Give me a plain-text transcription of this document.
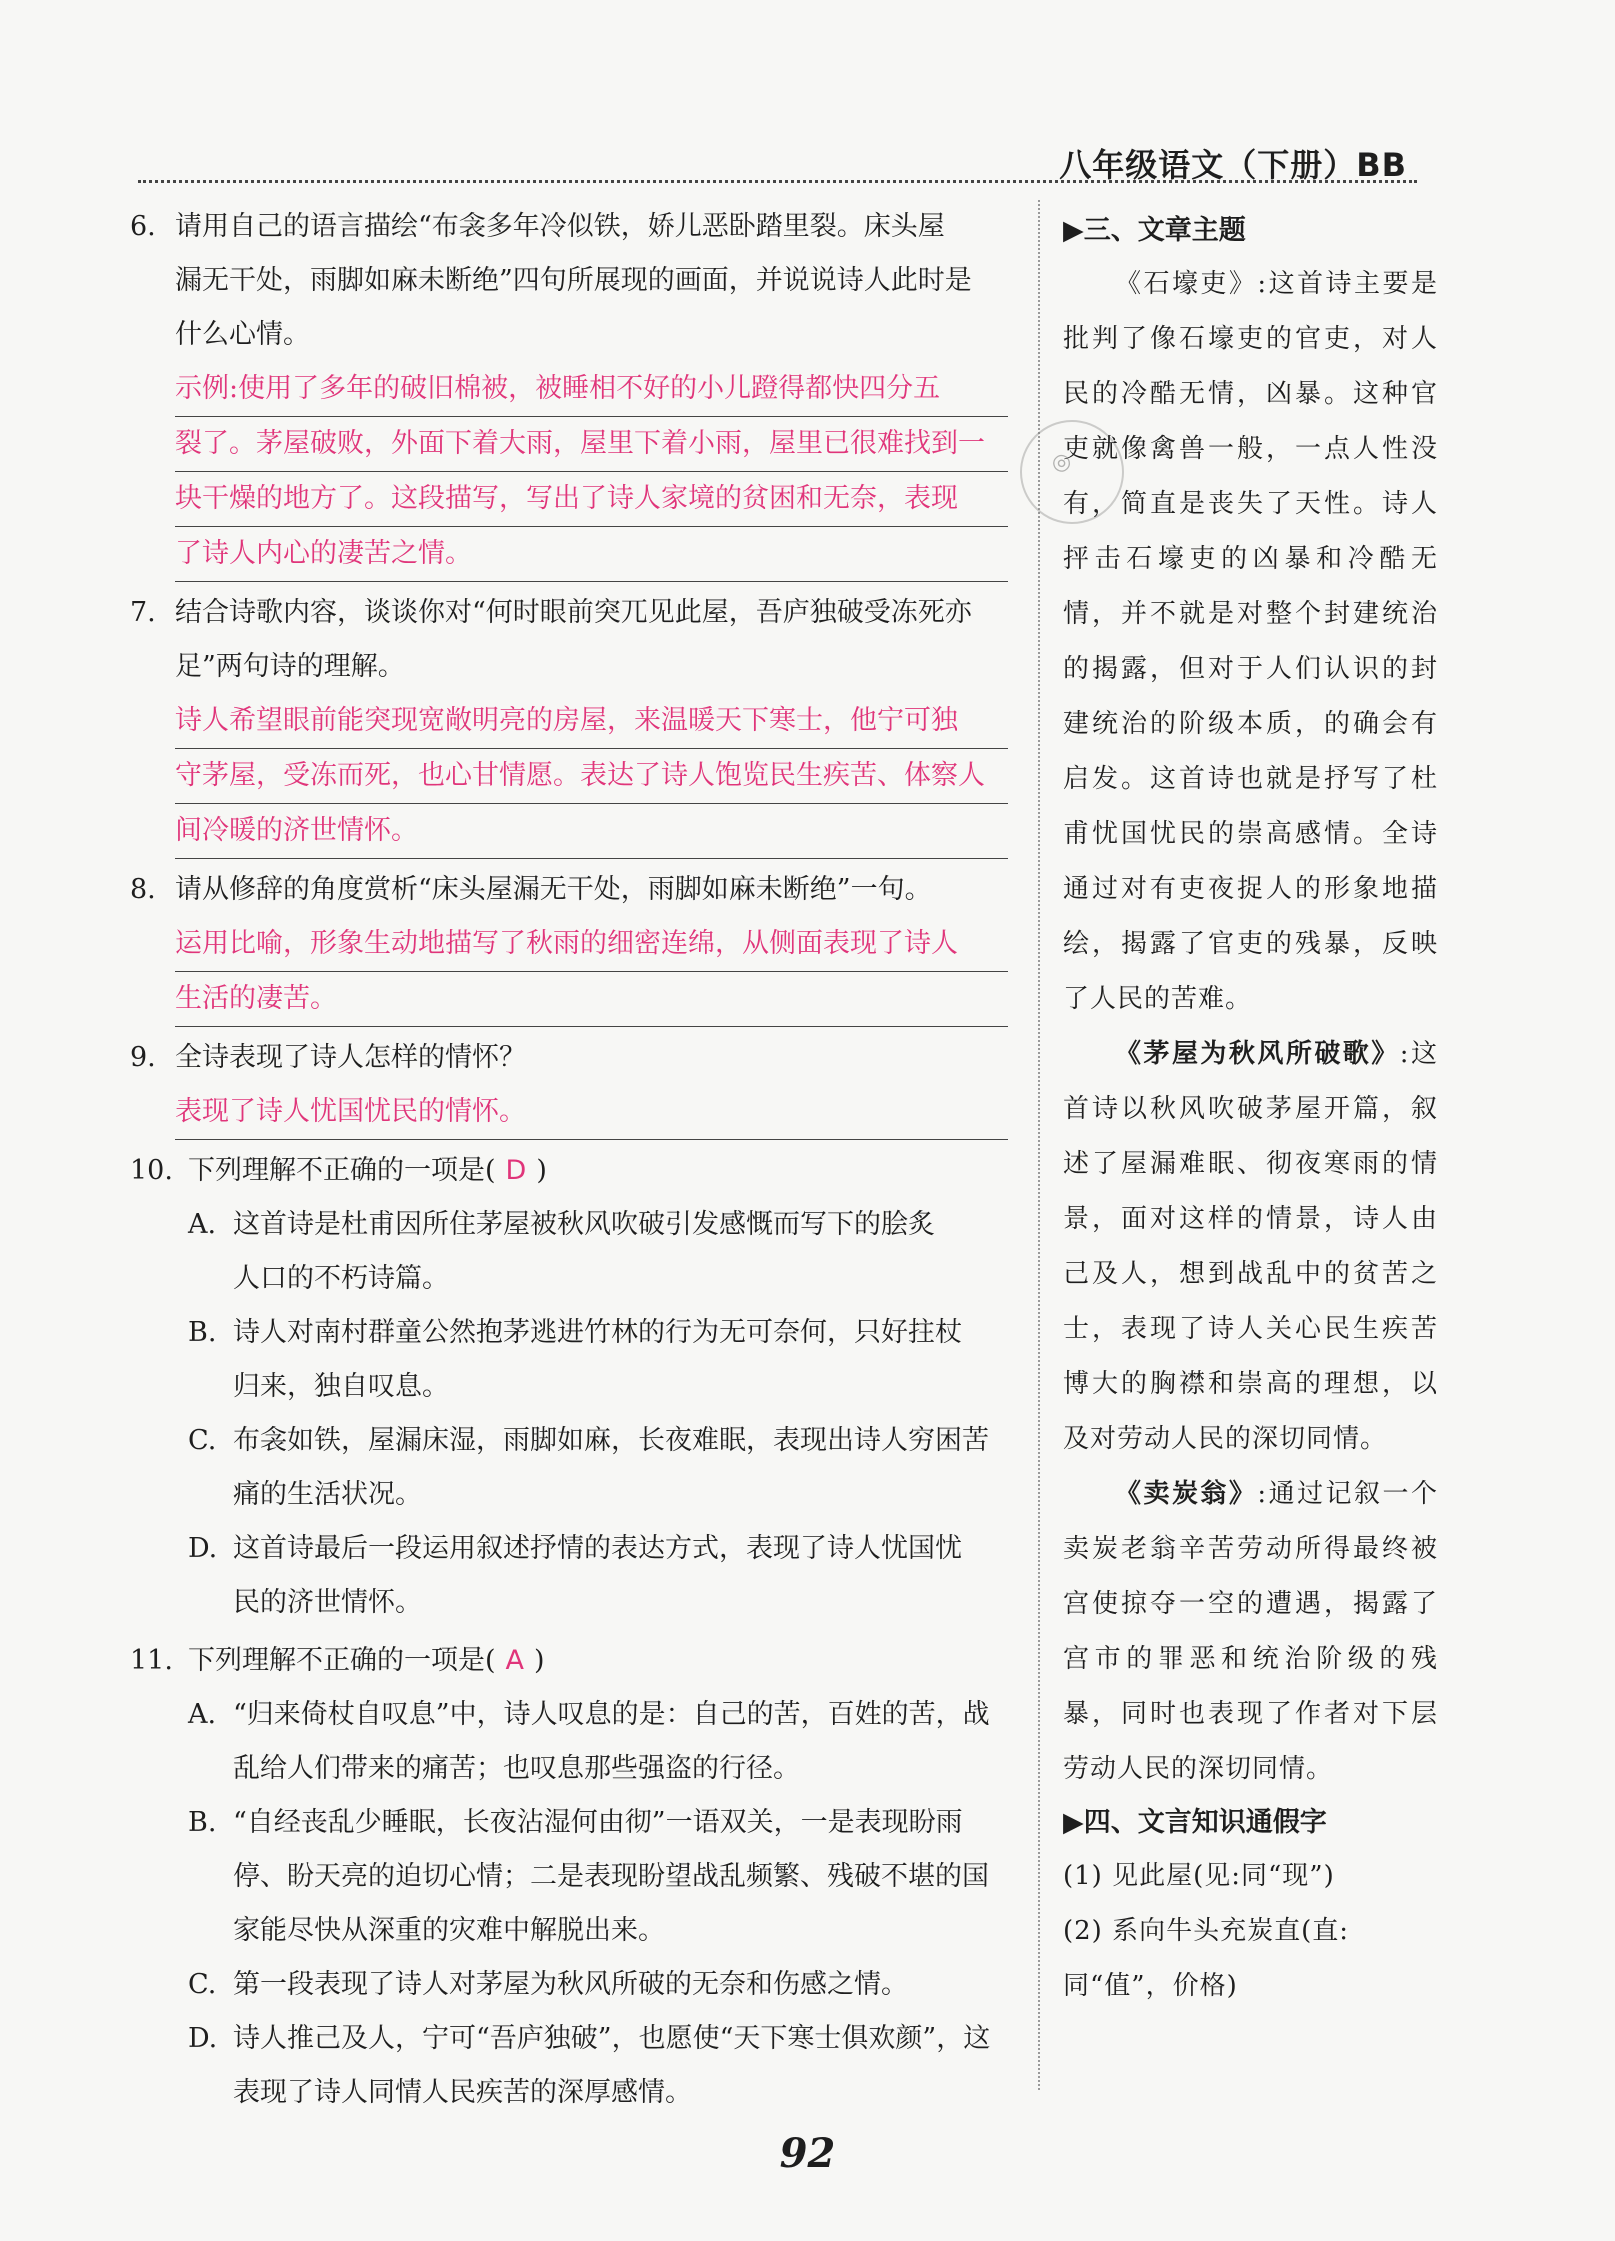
八年级语文（下册）BB
◎
6. 请用自己的语言描绘“布衾多年冷似铁，娇儿恶卧踏里裂。床头屋
漏无干处，雨脚如麻未断绝”四句所展现的画面，并说说诗人此时是
什么心情。
示例:使用了多年的破旧棉被，被睡相不好的小儿蹬得都快四分五
裂了。茅屋破败，外面下着大雨，屋里下着小雨，屋里已很难找到一
块干燥的地方了。这段描写，写出了诗人家境的贫困和无奈，表现
了诗人内心的凄苦之情。
7. 结合诗歌内容，谈谈你对“何时眼前突兀见此屋，吾庐独破受冻死亦
足”两句诗的理解。
诗人希望眼前能突现宽敞明亮的房屋，来温暖天下寒士，他宁可独
守茅屋，受冻而死，也心甘情愿。表达了诗人饱览民生疾苦、体察人
间冷暖的济世情怀。
8. 请从修辞的角度赏析“床头屋漏无干处，雨脚如麻未断绝”一句。
运用比喻，形象生动地描写了秋雨的细密连绵，从侧面表现了诗人
生活的凄苦。
9. 全诗表现了诗人怎样的情怀？
表现了诗人忧国忧民的情怀。
10. 下列理解不正确的一项是( D )
A. 这首诗是杜甫因所住茅屋被秋风吹破引发感慨而写下的脍炙
人口的不朽诗篇。
B. 诗人对南村群童公然抱茅逃进竹林的行为无可奈何，只好拄杖
归来，独自叹息。
C. 布衾如铁，屋漏床湿，雨脚如麻，长夜难眠，表现出诗人穷困苦
痛的生活状况。
D. 这首诗最后一段运用叙述抒情的表达方式，表现了诗人忧国忧
民的济世情怀。
11. 下列理解不正确的一项是( A )
A. “归来倚杖自叹息”中，诗人叹息的是：自己的苦，百姓的苦，战
乱给人们带来的痛苦；也叹息那些强盗的行径。
B. “自经丧乱少睡眠，长夜沾湿何由彻”一语双关，一是表现盼雨
停、盼天亮的迫切心情；二是表现盼望战乱频繁、残破不堪的国
家能尽快从深重的灾难中解脱出来。
C. 第一段表现了诗人对茅屋为秋风所破的无奈和伤感之情。
D. 诗人推己及人，宁可“吾庐独破”，也愿使“天下寒士俱欢颜”，这
表现了诗人同情人民疾苦的深厚感情。
▶三、文章主题

《石壕吏》:这首诗主要是批判了像石壕吏的官吏，对人民的冷酷无情，凶暴。这种官吏就像禽兽一般，一点人性没有，简直是丧失了天性。诗人抨击石壕吏的凶暴和冷酷无情，并不就是对整个封建统治的揭露，但对于人们认识的封建统治的阶级本质，的确会有启发。这首诗也就是抒写了杜甫忧国忧民的崇高感情。全诗通过对有吏夜捉人的形象地描绘，揭露了官吏的残暴，反映了人民的苦难。

《茅屋为秋风所破歌》:这首诗以秋风吹破茅屋开篇，叙述了屋漏难眠、彻夜寒雨的情景，面对这样的情景，诗人由己及人，想到战乱中的贫苦之士，表现了诗人关心民生疾苦博大的胸襟和崇高的理想，以及对劳动人民的深切同情。

《卖炭翁》:通过记叙一个卖炭老翁辛苦劳动所得最终被宫使掠夺一空的遭遇，揭露了宫市的罪恶和统治阶级的残暴，同时也表现了作者对下层劳动人民的深切同情。

▶四、文言知识通假字

(1) 见此屋(见:同“现”)

(2) 系向牛头充炭直(直:同“值”，价格)

92
